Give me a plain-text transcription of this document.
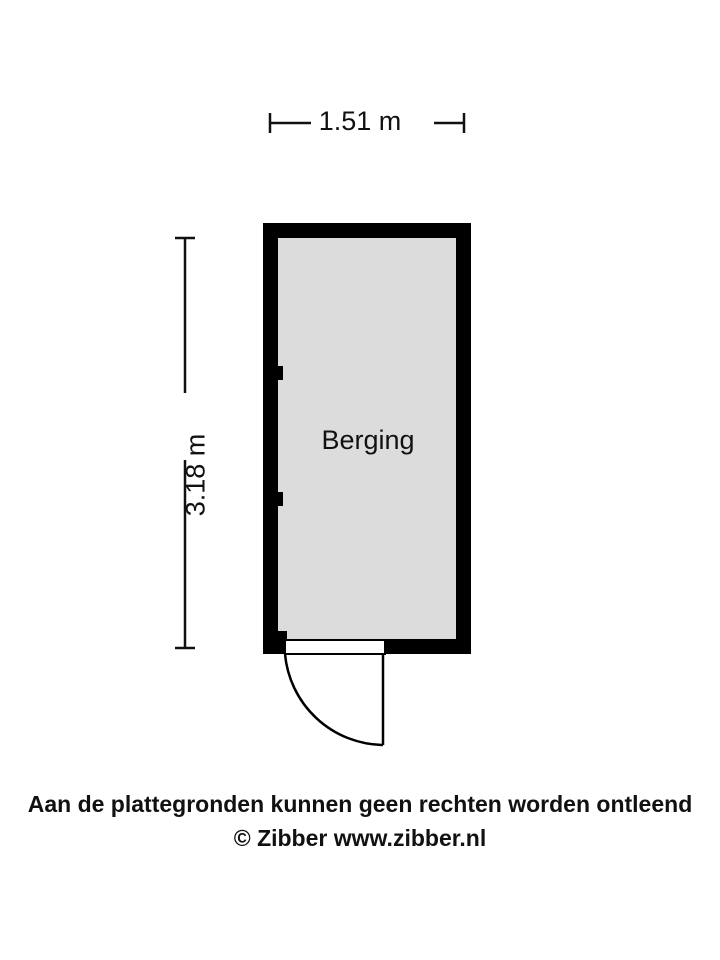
1.51 m
3.18 m	Berging
Aan de plattegronden kunnen geen rechten worden ontleend
© Zibber www.zibber.nl
